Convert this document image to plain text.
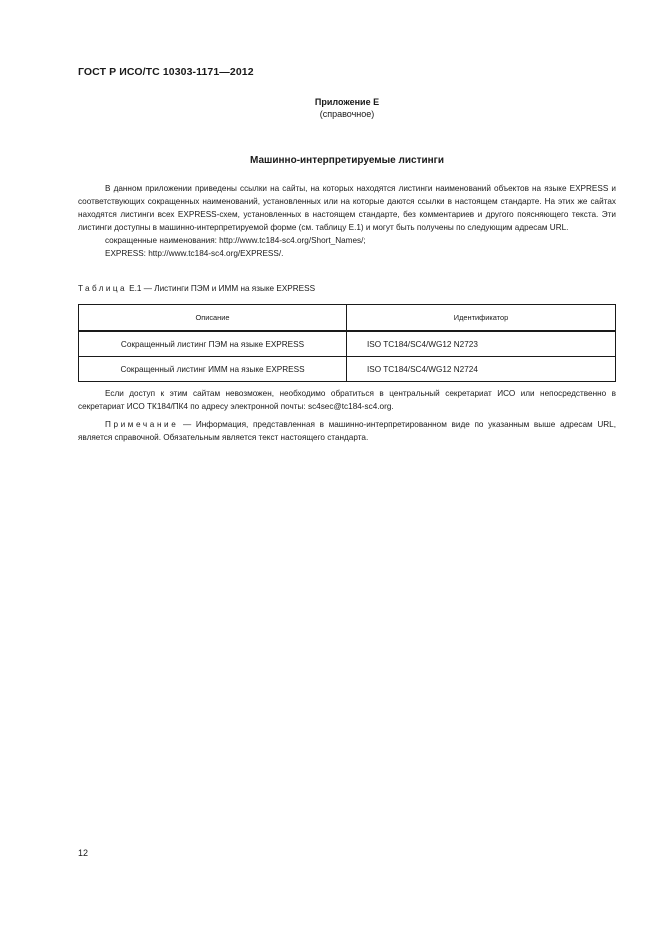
ГОСТ Р ИСО/ТС 10303-1171—2012
Приложение Е
(справочное)
Машинно-интерпретируемые листинги

В данном приложении приведены ссылки на сайты, на которых находятся листинги наименований объектов на языке EXPRESS и соответствующих сокращенных наименований, установленных или на которые даются ссылки в настоящем стандарте. На этих же сайтах находятся листинги всех EXPRESS-схем, установленных в настоящем стандарте, без комментариев и другого поясняющего текста. Эти листинги доступны в машинно-интерпретируемой форме (см. таблицу Е.1) и могут быть получены по следующим адресам URL.

сокращенные наименования: http://www.tc184-sc4.org/Short_Names/;

EXPRESS: http://www.tc184-sc4.org/EXPRESS/.

Таблица Е.1 — Листинги ПЭМ и ИММ на языке EXPRESS
Описание	Идентификатор
Сокращенный листинг ПЭМ на языке EXPRESS	ISO TC184/SC4/WG12 N2723
Сокращенный листинг ИММ на языке EXPRESS	ISO TC184/SC4/WG12 N2724

Если доступ к этим сайтам невозможен, необходимо обратиться в центральный секретариат ИСО или непосредственно в секретариат ИСО ТК184/ПК4 по адресу электронной почты: sc4sec@tc184-sc4.org.

Примечание — Информация, представленная в машинно-интерпретированном виде по указанным выше адресам URL, является справочной. Обязательным является текст настоящего стандарта.

12
